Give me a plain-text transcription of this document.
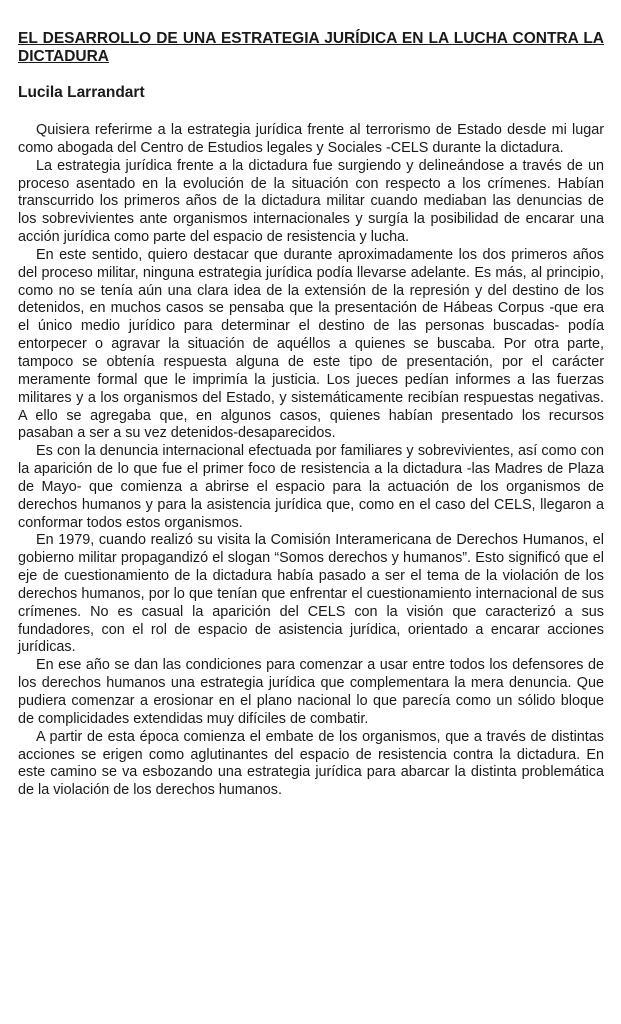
EL DESARROLLO DE UNA ESTRATEGIA JURÍDICA EN LA LUCHA CONTRA LA DICTADURA

Lucila Larrandart

Quisiera referirme a la estrategia jurídica frente al terrorismo de Estado desde mi lugar como abogada del Centro de Estudios legales y Sociales -CELS durante la dictadura.

La estrategia jurídica frente a la dictadura fue surgiendo y delineándose a través de un proceso asentado en la evolución de la situación con respecto a los crímenes. Habían transcurrido los primeros años de la dictadura militar cuando mediaban las denuncias de los sobrevivientes ante organismos internacionales y surgía la posibilidad de encarar una acción jurídica como parte del espacio de resistencia y lucha.

En este sentido, quiero destacar que durante aproximadamente los dos primeros años del proceso militar, ninguna estrategia jurídica podía llevarse adelante. Es más, al principio, como no se tenía aún una clara idea de la extensión de la represión y del destino de los detenidos, en muchos casos se pensaba que la presentación de Hábeas Corpus -que era el único medio jurídico para determinar el destino de las personas buscadas- podía entorpecer o agravar la situación de aquéllos a quienes se buscaba. Por otra parte, tampoco se obtenía respuesta alguna de este tipo de presentación, por el carácter meramente formal que le imprimía la justicia. Los jueces pedían informes a las fuerzas militares y a los organismos del Estado, y sistemáticamente recibían respuestas negativas. A ello se agregaba que, en algunos casos, quienes habían presentado los recursos pasaban a ser a su vez detenidos-desaparecidos.

Es con la denuncia internacional efectuada por familiares y sobrevivientes, así como con la aparición de lo que fue el primer foco de resistencia a la dictadura -las Madres de Plaza de Mayo- que comienza a abrirse el espacio para la actuación de los organismos de derechos humanos y para la asistencia jurídica que, como en el caso del CELS, llegaron a conformar todos estos organismos.

En 1979, cuando realizó su visita la Comisión Interamericana de Derechos Humanos, el gobierno militar propagandizó el slogan “Somos derechos y humanos”. Esto significó que el eje de cuestionamiento de la dictadura había pasado a ser el tema de la violación de los derechos humanos, por lo que tenían que enfrentar el cuestionamiento internacional de sus crímenes. No es casual la aparición del CELS con la visión que caracterizó a sus fundadores, con el rol de espacio de asistencia jurídica, orientado a encarar acciones jurídicas.

En ese año se dan las condiciones para comenzar a usar entre todos los defensores de los derechos humanos una estrategia jurídica que complementara la mera denuncia. Que pudiera comenzar a erosionar en el plano nacional lo que parecía como un sólido bloque de complicidades extendidas muy difíciles de combatir.

A partir de esta época comienza el embate de los organismos, que a través de distintas acciones se erigen como aglutinantes del espacio de resistencia contra la dictadura. En este camino se va esbozando una estrategia jurídica para abarcar la distinta problemática de la violación de los derechos humanos.
